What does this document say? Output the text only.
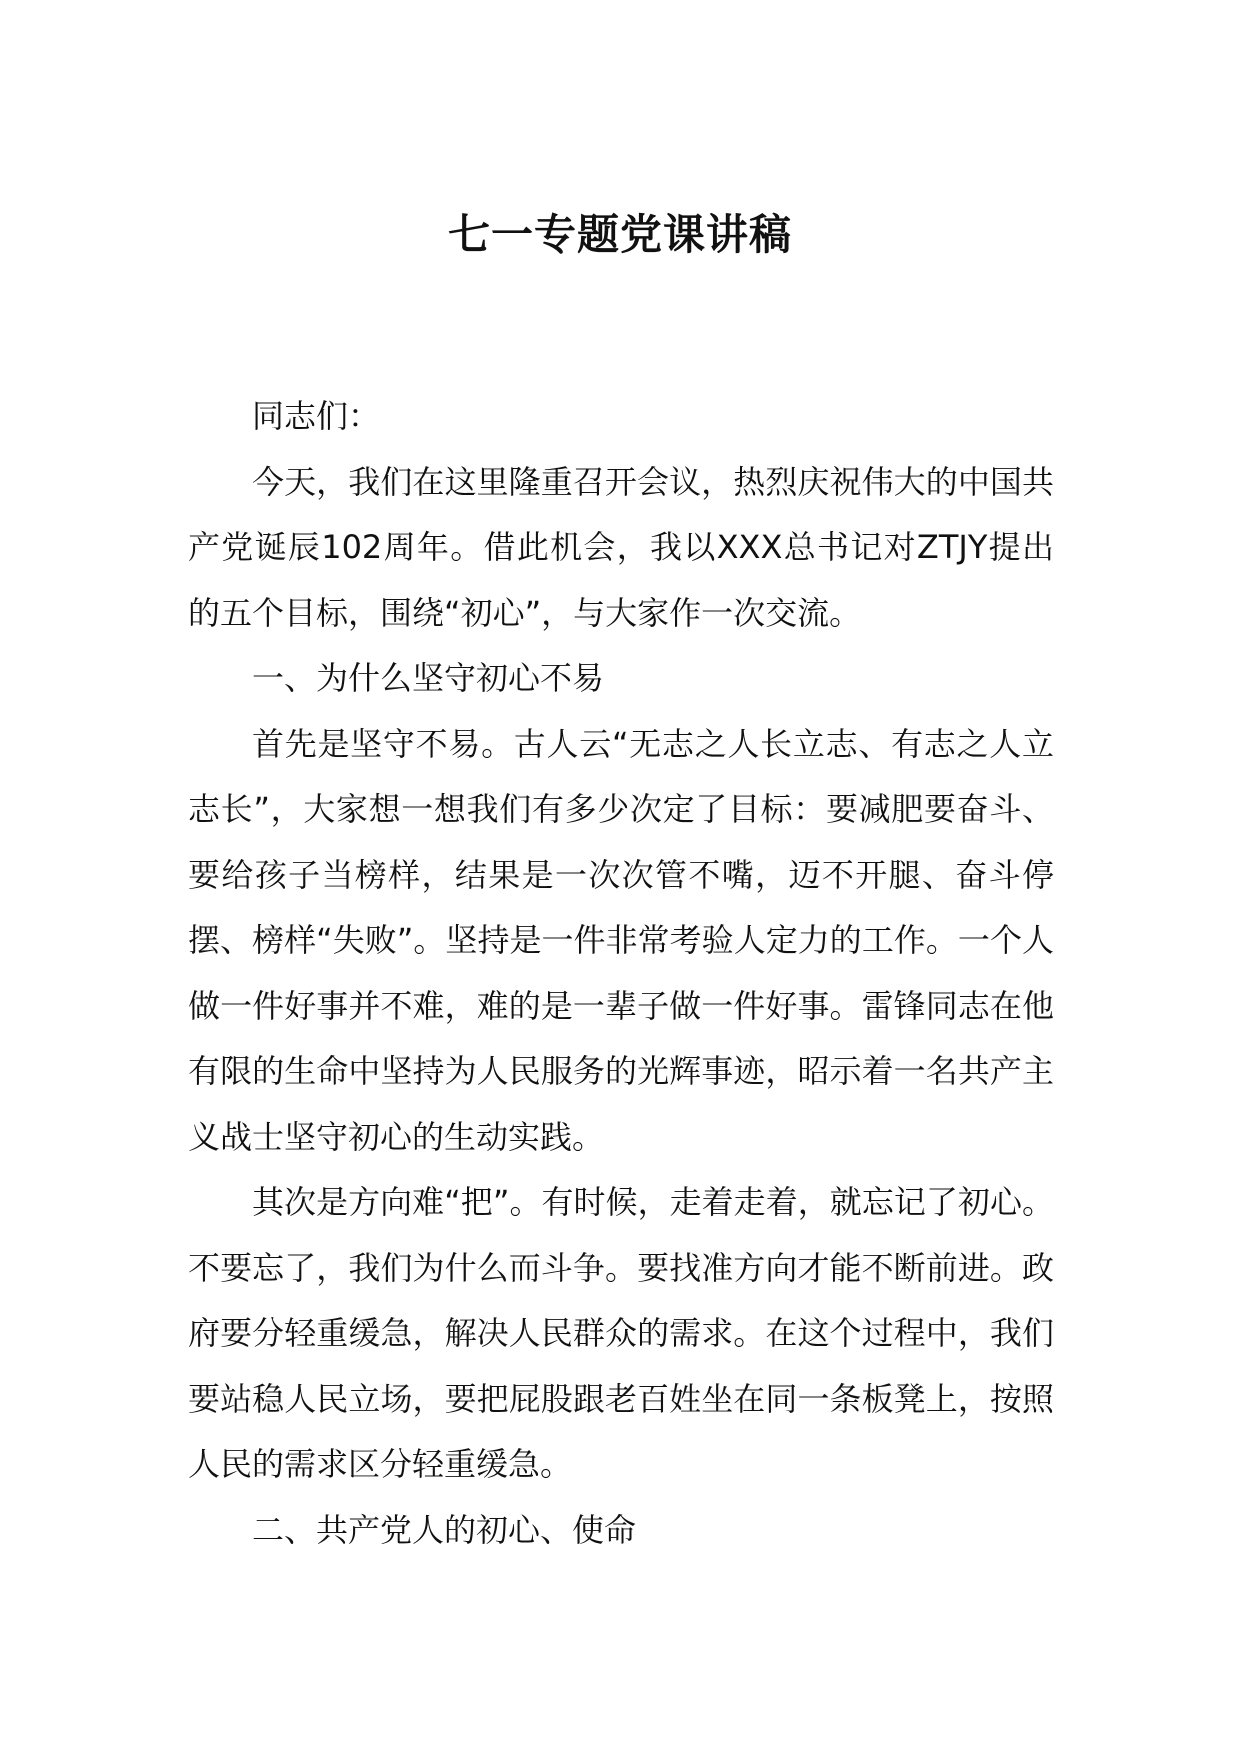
七一专题党课讲稿

同志们：

今天，我们在这里隆重召开会议，热烈庆祝伟大的中国共产党诞辰102周年。借此机会，我以XXX总书记对ZTJY提出的五个目标，围绕“初心”，与大家作一次交流。

一、为什么坚守初心不易

首先是坚守不易。古人云“无志之人长立志、有志之人立志长”，大家想一想我们有多少次定了目标：要减肥要奋斗、要给孩子当榜样，结果是一次次管不嘴，迈不开腿、奋斗停摆、榜样“失败”。坚持是一件非常考验人定力的工作。一个人做一件好事并不难，难的是一辈子做一件好事。雷锋同志在他有限的生命中坚持为人民服务的光辉事迹，昭示着一名共产主义战士坚守初心的生动实践。

其次是方向难“把”。有时候，走着走着，就忘记了初心。不要忘了，我们为什么而斗争。要找准方向才能不断前进。政府要分轻重缓急，解决人民群众的需求。在这个过程中，我们要站稳人民立场，要把屁股跟老百姓坐在同一条板凳上，按照人民的需求区分轻重缓急。

二、共产党人的初心、使命
